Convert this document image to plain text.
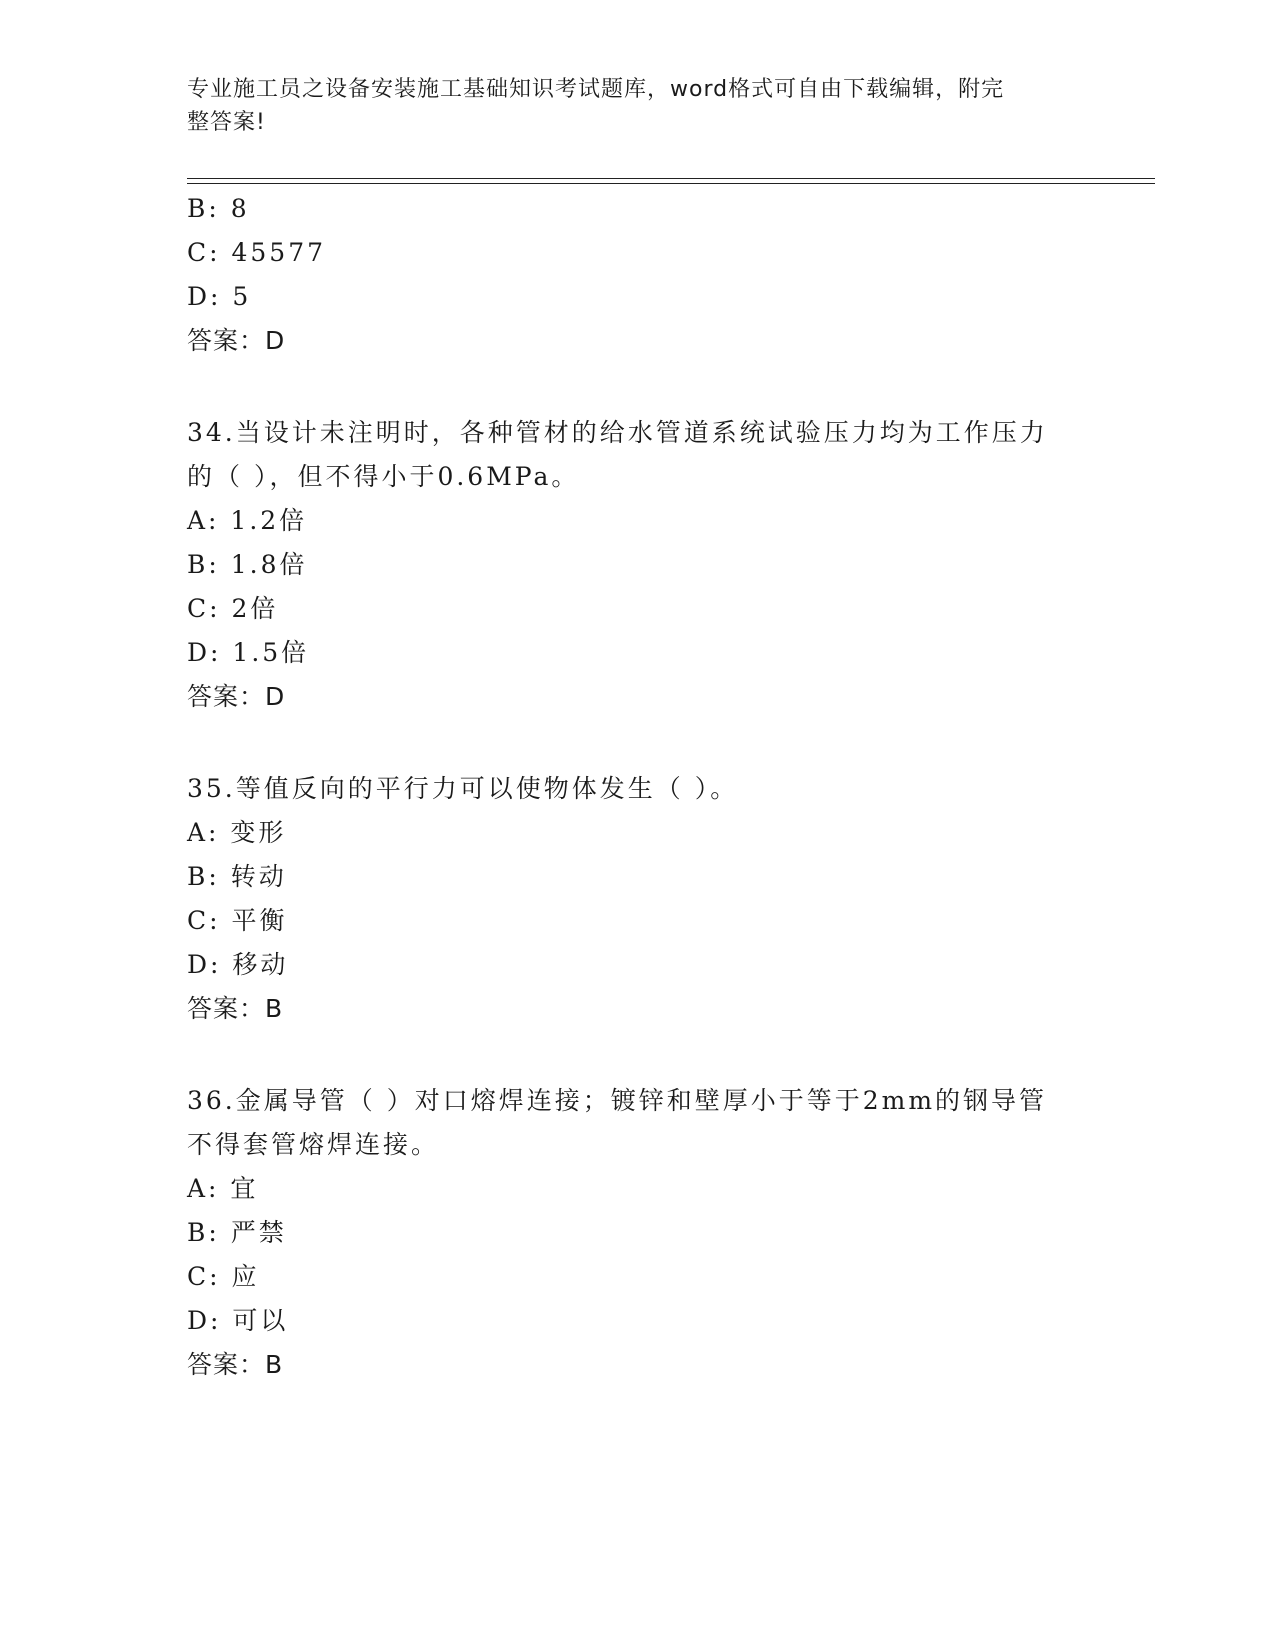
专业施工员之设备安装施工基础知识考试题库，word格式可自由下载编辑，附完
整答案!
B: 8
C: 45577
D: 5
答案：D
34.当设计未注明时，各种管材的给水管道系统试验压力均为工作压力
的（ ），但不得小于0.6MPa。
A: 1.2倍
B: 1.8倍
C: 2倍
D: 1.5倍
答案：D
35.等值反向的平行力可以使物体发生（ ）。
A: 变形
B: 转动
C: 平衡
D: 移动
答案：B
36.金属导管（ ）对口熔焊连接；镀锌和壁厚小于等于2mm的钢导管
不得套管熔焊连接。
A: 宜
B: 严禁
C: 应
D: 可以
答案：B
